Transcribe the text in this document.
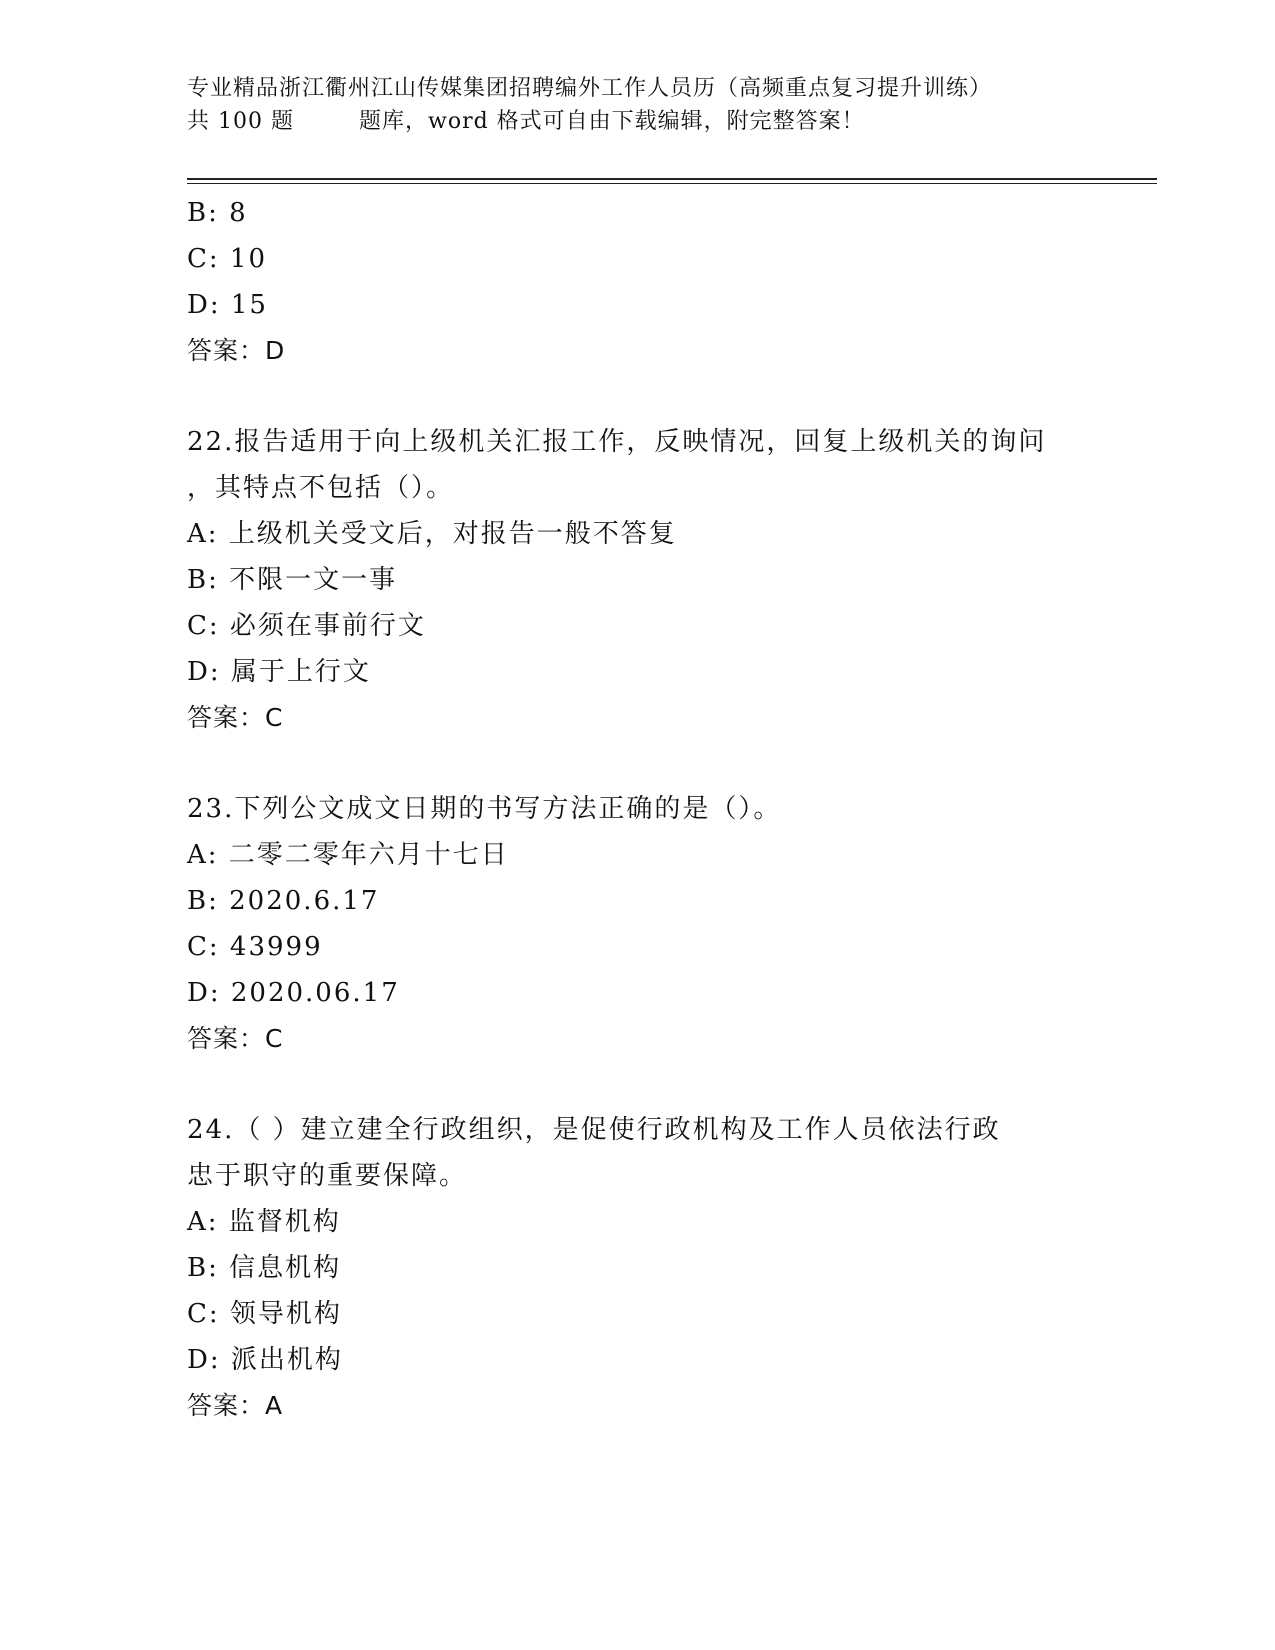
专业精品浙江衢州江山传媒集团招聘编外工作人员历（高频重点复习提升训练）
共 100 题	题库，word 格式可自由下载编辑，附完整答案！
B: 8
C: 10
D: 15
答案：D
22.报告适用于向上级机关汇报工作，反映情况，回复上级机关的询问
，其特点不包括（）。
A: 上级机关受文后，对报告一般不答复
B: 不限一文一事
C: 必须在事前行文
D: 属于上行文
答案：C
23.下列公文成文日期的书写方法正确的是（）。
A: 二零二零年六月十七日
B: 2020.6.17
C: 43999
D: 2020.06.17
答案：C
24.（ ）建立建全行政组织，是促使行政机构及工作人员依法行政
忠于职守的重要保障。
A: 监督机构
B: 信息机构
C: 领导机构
D: 派出机构
答案：A
